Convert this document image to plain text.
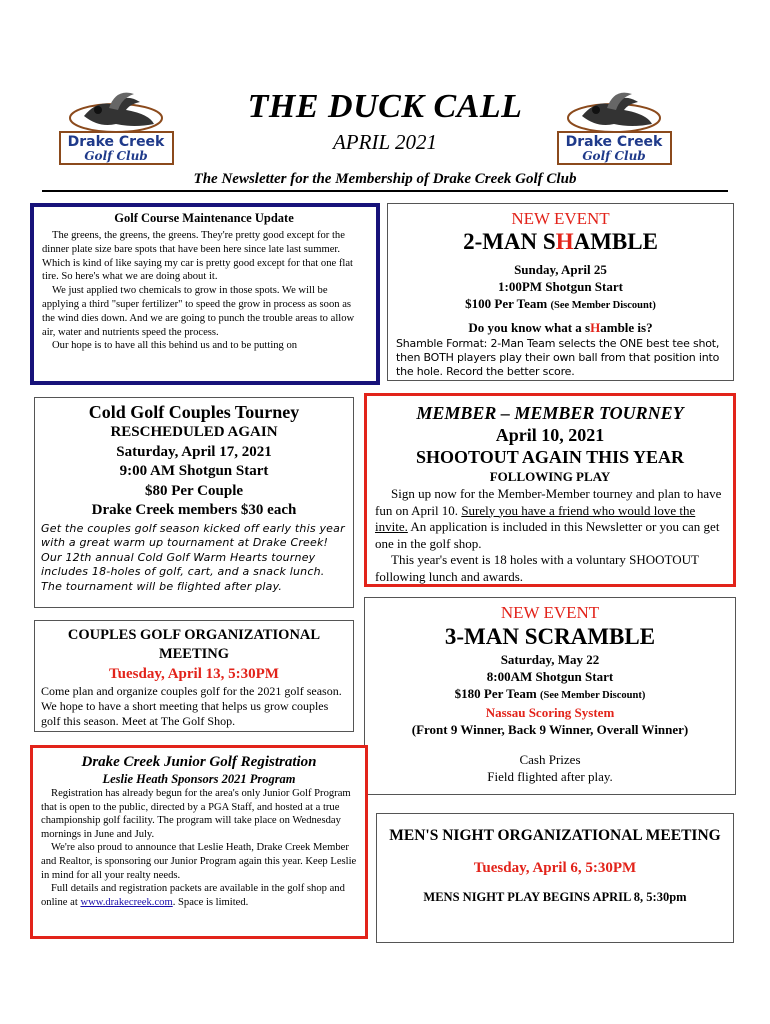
Drake Creek
Golf Club
Drake Creek
Golf Club
THE DUCK CALL
APRIL 2021
The Newsletter for the Membership of Drake Creek Golf Club
Golf Course Maintenance Update
The greens, the greens, the greens. They're pretty good except for the dinner plate size bare spots that have been here since late last summer. Which is kind of like saying my car is pretty good except for that one flat tire. So here's what we are doing about it.
We just applied two chemicals to grow in those spots. We will be applying a third "super fertilizer" to speed the grow in process as soon as the wind dies down. And we are going to punch the trouble areas to allow air, water and nutrients speed the process.
Our hope is to have all this behind us and to be putting on
NEW EVENT
2-MAN SHAMBLE
Sunday, April 25
1:00PM Shotgun Start
$100 Per Team (See Member Discount)
Do you know what a sHamble is?
Shamble Format: 2-Man Team selects the ONE best tee shot, then BOTH players play their own ball from that position into the hole. Record the better score.
Cold Golf Couples Tourney
RESCHEDULED AGAIN
Saturday, April 17, 2021
9:00 AM Shotgun Start
$80 Per Couple
Drake Creek members $30 each
Get the couples golf season kicked off early this year with a great warm up tournament at Drake Creek! Our 12th annual Cold Golf Warm Hearts tourney includes 18-holes of golf, cart, and a snack lunch. The tournament will be flighted after play.
MEMBER – MEMBER TOURNEY
April 10, 2021
SHOOTOUT AGAIN THIS YEAR
FOLLOWING PLAY
Sign up now for the Member-Member tourney and plan to have fun on April 10. Surely you have a friend who would love the invite. An application is included in this Newsletter or you can get one in the golf shop.
This year's event is 18 holes with a voluntary SHOOTOUT following lunch and awards.
COUPLES GOLF ORGANIZATIONAL MEETING
Tuesday, April 13, 5:30PM
Come plan and organize couples golf for the 2021 golf season. We hope to have a short meeting that helps us grow couples golf this season. Meet at The Golf Shop.
NEW EVENT
3-MAN SCRAMBLE
Saturday, May 22
8:00AM Shotgun Start
$180 Per Team (See Member Discount)
Nassau Scoring System
(Front 9 Winner, Back 9 Winner, Overall Winner)
Cash Prizes
Field flighted after play.
Drake Creek Junior Golf Registration
Leslie Heath Sponsors 2021 Program
Registration has already begun for the area's only Junior Golf Program that is open to the public, directed by a PGA Staff, and hosted at a true championship golf facility. The program will take place on Wednesday mornings in June and July.
We're also proud to announce that Leslie Heath, Drake Creek Member and Realtor, is sponsoring our Junior Program again this year. Keep Leslie in mind for all your realty needs.
Full details and registration packets are available in the golf shop and online at www.drakecreek.com. Space is limited.
MEN'S NIGHT ORGANIZATIONAL MEETING
Tuesday, April 6, 5:30PM
MENS NIGHT PLAY BEGINS APRIL 8, 5:30pm
